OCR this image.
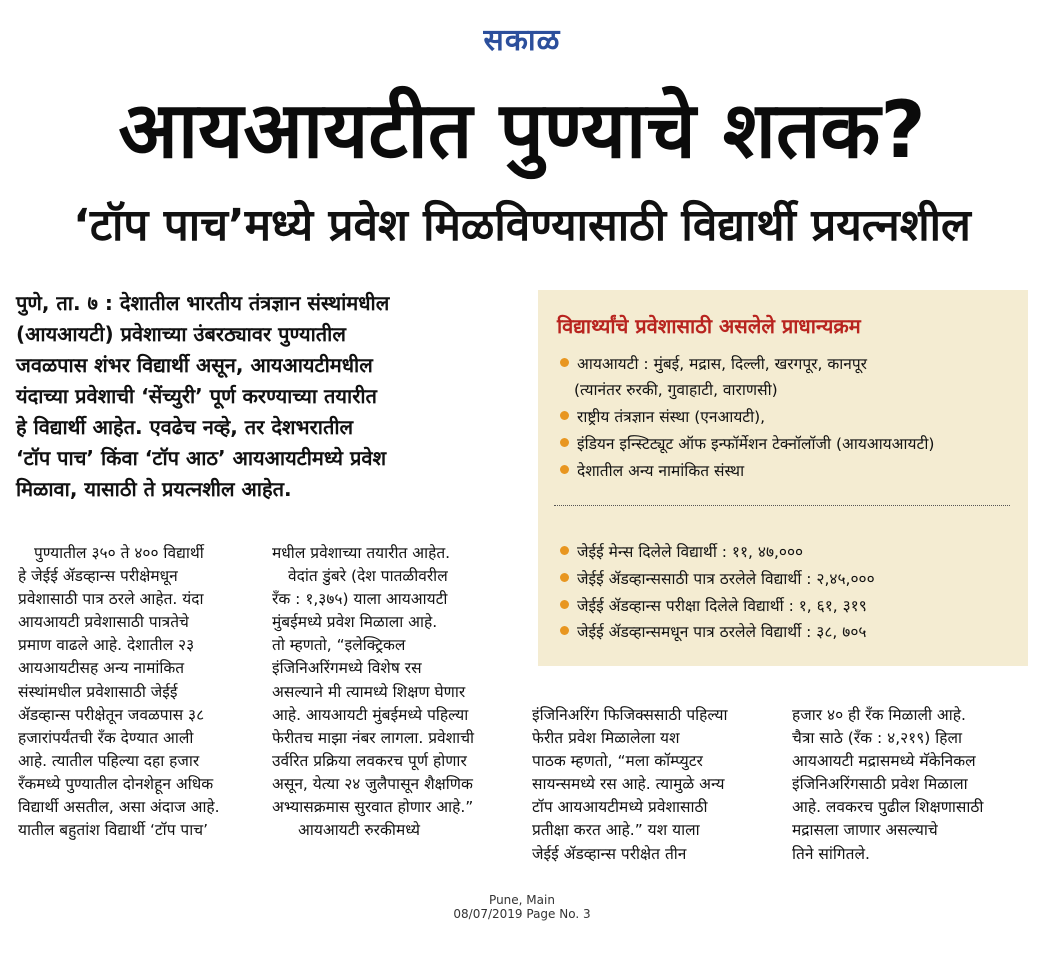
सकाळ
आयआयटीत पुण्याचे शतक?
‘टॉप पाच’मध्ये प्रवेश मिळविण्यासाठी विद्यार्थी प्रयत्नशील
पुणे, ता. ७ : देशातील भारतीय तंत्रज्ञान संस्थांमधील
(आयआयटी) प्रवेशाच्या उंबरठ्यावर पुण्यातील
जवळपास शंभर विद्यार्थी असून, आयआयटीमधील
यंदाच्या प्रवेशाची ‘सेंच्युरी’ पूर्ण करण्याच्या तयारीत
हे विद्यार्थी आहेत. एवढेच नव्हे, तर देशभरातील
‘टॉप पाच’ किंवा ‘टॉप आठ’ आयआयटीमध्ये प्रवेश
मिळावा, यासाठी ते प्रयत्नशील आहेत.
विद्यार्थ्यांचे प्रवेशासाठी असलेले प्राधान्यक्रम
आयआयटी : मुंबई, मद्रास, दिल्ली, खरगपूर, कानपूर
(त्यानंतर रुरकी, गुवाहाटी, वाराणसी)
राष्ट्रीय तंत्रज्ञान संस्था (एनआयटी),
इंडियन इन्स्टिट्यूट ऑफ इन्फॉर्मेशन टेक्नॉलॉजी (आयआयआयटी)
देशातील अन्य नामांकित संस्था
जेईई मेन्स दिलेले विद्यार्थी : ११, ४७,०००
जेईई ॲडव्हान्ससाठी पात्र ठरलेले विद्यार्थी : २,४५,०००
जेईई ॲडव्हान्स परीक्षा दिलेले विद्यार्थी : १, ६१, ३१९
जेईई ॲडव्हान्समधून पात्र ठरलेले विद्यार्थी : ३८, ७०५
पुण्यातील ३५० ते ४०० विद्यार्थी
हे जेईई ॲडव्हान्स परीक्षेमधून
प्रवेशासाठी पात्र ठरले आहेत. यंदा
आयआयटी प्रवेशासाठी पात्रतेचे
प्रमाण वाढले आहे. देशातील २३
आयआयटीसह अन्य नामांकित
संस्थांमधील प्रवेशासाठी जेईई
ॲडव्हान्स परीक्षेतून जवळपास ३८
हजारांपर्यंतची रँक देण्यात आली
आहे. त्यातील पहिल्या दहा हजार
रँकमध्ये पुण्यातील दोनशेहून अधिक
विद्यार्थी असतील, असा अंदाज आहे.
यातील बहुतांश विद्यार्थी ‘टॉप पाच’
मधील प्रवेशाच्या तयारीत आहेत.
वेदांत डुंबरे (देश पातळीवरील
रँक : १,३७५) याला आयआयटी
मुंबईमध्ये प्रवेश मिळाला आहे.
तो म्हणतो, “इलेक्ट्रिकल
इंजिनिअरिंगमध्ये विशेष रस
असल्याने मी त्यामध्ये शिक्षण घेणार
आहे. आयआयटी मुंबईमध्ये पहिल्या
फेरीतच माझा नंबर लागला. प्रवेशाची
उर्वरित प्रक्रिया लवकरच पूर्ण होणार
असून, येत्या २४ जुलैपासून शैक्षणिक
अभ्यासक्रमास सुरवात होणार आहे.”
आयआयटी रुरकीमध्ये
इंजिनिअरिंग फिजिक्ससाठी पहिल्या
फेरीत प्रवेश मिळालेला यश
पाठक म्हणतो, “मला कॉम्प्युटर
सायन्समध्ये रस आहे. त्यामुळे अन्य
टॉप आयआयटीमध्ये प्रवेशासाठी
प्रतीक्षा करत आहे.” यश याला
जेईई ॲडव्हान्स परीक्षेत तीन
हजार ४० ही रँक मिळाली आहे.
चैत्रा साठे (रँक : ४,२१९) हिला
आयआयटी मद्रासमध्ये मॅकेनिकल
इंजिनिअरिंगसाठी प्रवेश मिळाला
आहे. लवकरच पुढील शिक्षणासाठी
मद्रासला जाणार असल्याचे
तिने सांगितले.
Pune, Main
08/07/2019 Page No. 3
